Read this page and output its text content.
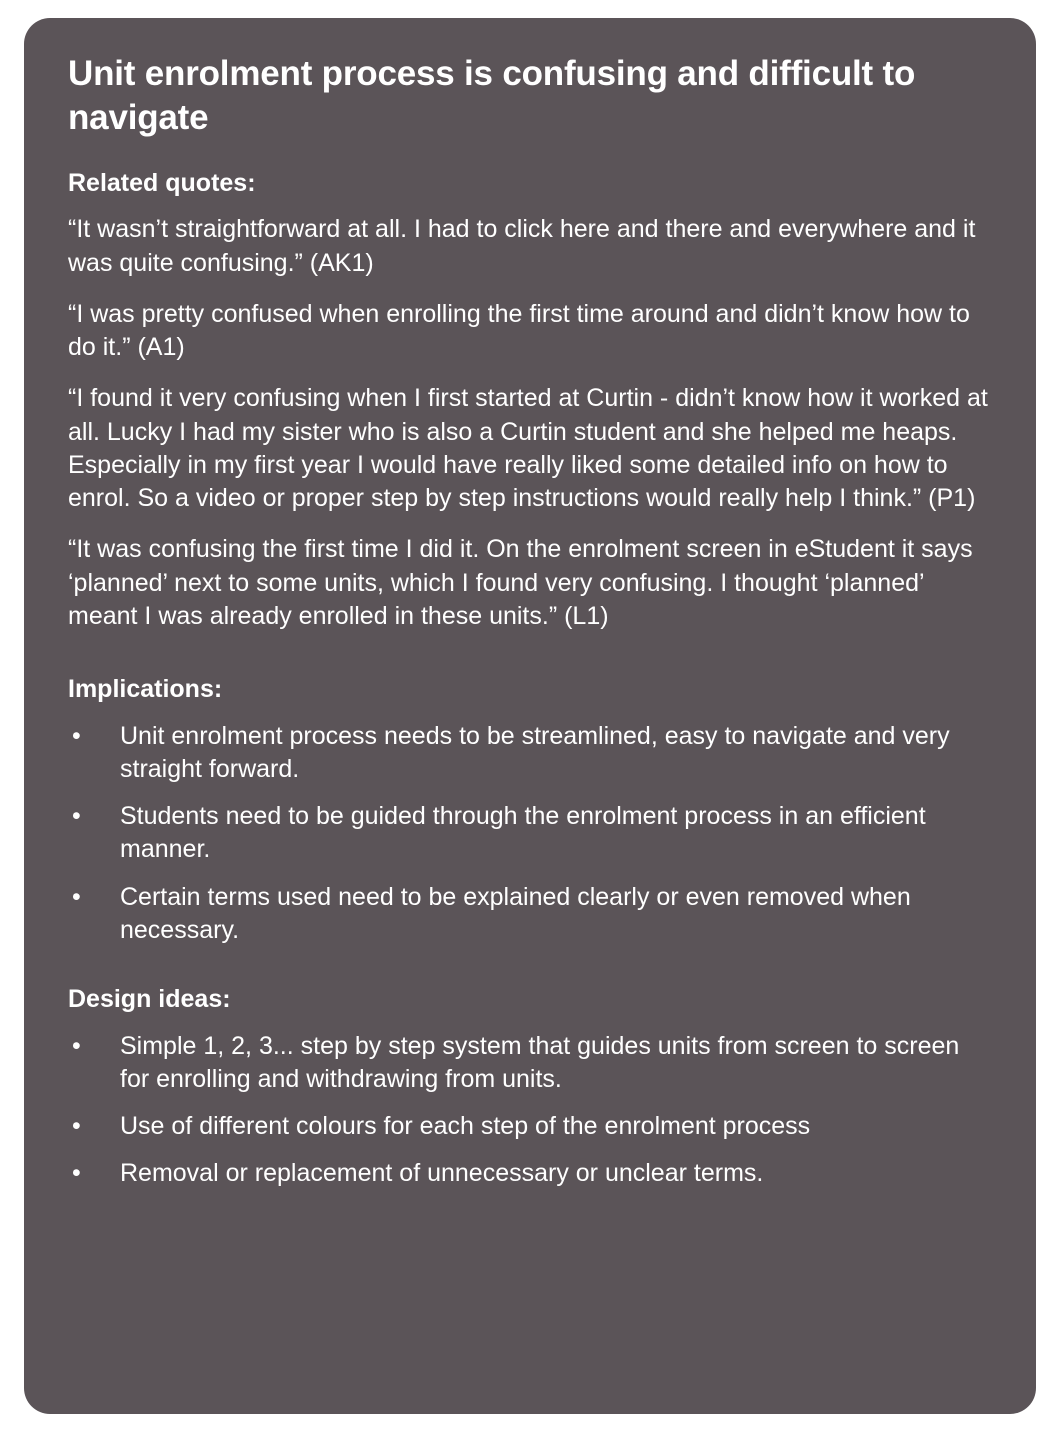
Unit enrolment process is confusing and difficult to navigate
Related quotes:

“It wasn’t straightforward at all. I had to click here and there and everywhere and it was quite confusing.” (AK1)

“I was pretty confused when enrolling the first time around and didn’t know how to do it.” (A1)

“I found it very confusing when I first started at Curtin - didn’t know how it worked at all. Lucky I had my sister who is also a Curtin student and she helped me heaps. Especially in my first year I would have really liked some detailed info on how to enrol. So a video or proper step by step instructions would really help I think.” (P1)

“It was confusing the first time I did it. On the enrolment screen in eStudent it says ‘planned’ next to some units, which I found very confusing. I thought ‘planned’ meant I was already enrolled in these units.” (L1)

Implications:
•	Unit enrolment process needs to be streamlined, easy to navigate and very straight forward.
•	Students need to be guided through the enrolment process in an efficient manner.
•	Certain terms used need to be explained clearly or even removed when necessary.
Design ideas:
•	Simple 1, 2, 3... step by step system that guides units from screen to screen for enrolling and withdrawing from units.
•	Use of different colours for each step of the enrolment process
•	Removal or replacement of unnecessary or unclear terms.
